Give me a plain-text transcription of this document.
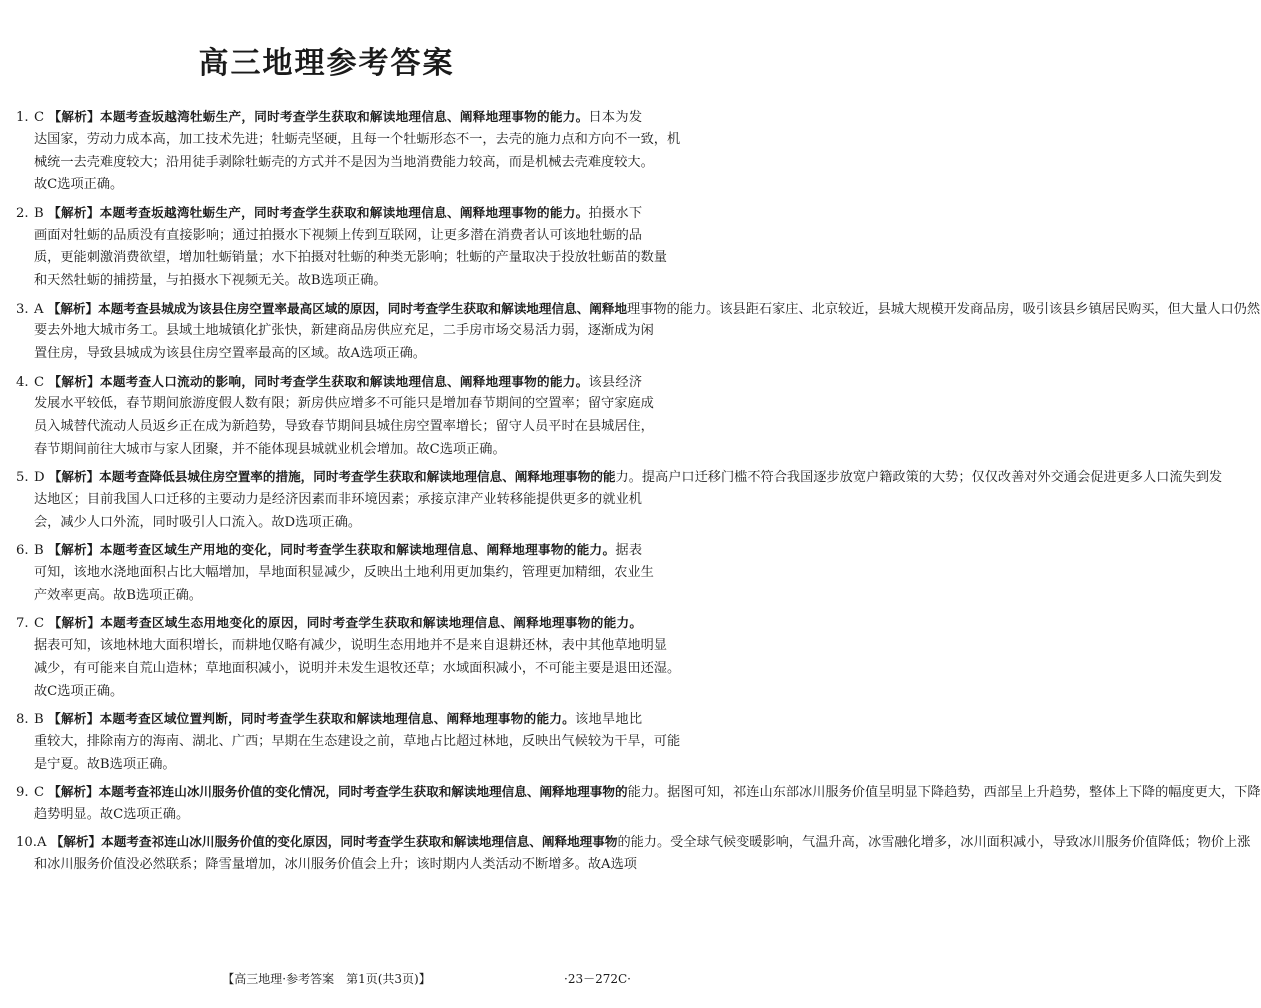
高三地理参考答案
1. C 【解析】本题考查坂越湾牡蛎生产，同时考查学生获取和解读地理信息、阐释地理事物的能力。日本为发
达国家，劳动力成本高，加工技术先进；牡蛎壳坚硬，且每一个牡蛎形态不一，去壳的施力点和方向不一致，机
械统一去壳难度较大；沿用徒手剥除牡蛎壳的方式并不是因为当地消费能力较高，而是机械去壳难度较大。
故C选项正确。
2. B 【解析】本题考查坂越湾牡蛎生产，同时考查学生获取和解读地理信息、阐释地理事物的能力。拍摄水下
画面对牡蛎的品质没有直接影响；通过拍摄水下视频上传到互联网，让更多潜在消费者认可该地牡蛎的品
质，更能刺激消费欲望，增加牡蛎销量；水下拍摄对牡蛎的种类无影响；牡蛎的产量取决于投放牡蛎苗的数量
和天然牡蛎的捕捞量，与拍摄水下视频无关。故B选项正确。
3. A 【解析】本题考查县城成为该县住房空置率最高区域的原因，同时考查学生获取和解读地理信息、阐释地理事物的能力。该县距石家庄、北京较近，县城大规模开发商品房，吸引该县乡镇居民购买，但大量人口仍然
要去外地大城市务工。县域土地城镇化扩张快，新建商品房供应充足，二手房市场交易活力弱，逐渐成为闲
置住房，导致县城成为该县住房空置率最高的区域。故A选项正确。
4. C 【解析】本题考查人口流动的影响，同时考查学生获取和解读地理信息、阐释地理事物的能力。该县经济
发展水平较低，春节期间旅游度假人数有限；新房供应增多不可能只是增加春节期间的空置率；留守家庭成
员入城替代流动人员返乡正在成为新趋势，导致春节期间县城住房空置率增长；留守人员平时在县城居住，
春节期间前往大城市与家人团聚，并不能体现县城就业机会增加。故C选项正确。
5. D 【解析】本题考查降低县城住房空置率的措施，同时考查学生获取和解读地理信息、阐释地理事物的能力。提高户口迁移门槛不符合我国逐步放宽户籍政策的大势；仅仅改善对外交通会促进更多人口流失到发
达地区；目前我国人口迁移的主要动力是经济因素而非环境因素；承接京津产业转移能提供更多的就业机
会，减少人口外流，同时吸引人口流入。故D选项正确。
6. B 【解析】本题考查区域生产用地的变化，同时考查学生获取和解读地理信息、阐释地理事物的能力。据表
可知，该地水浇地面积占比大幅增加，旱地面积显减少，反映出土地利用更加集约，管理更加精细，农业生
产效率更高。故B选项正确。
7. C 【解析】本题考查区域生态用地变化的原因，同时考查学生获取和解读地理信息、阐释地理事物的能力。
据表可知，该地林地大面积增长，而耕地仅略有减少，说明生态用地并不是来自退耕还林，表中其他草地明显
减少，有可能来自荒山造林；草地面积减小，说明并未发生退牧还草；水域面积减小，不可能主要是退田还湿。
故C选项正确。
8. B 【解析】本题考查区域位置判断，同时考查学生获取和解读地理信息、阐释地理事物的能力。该地旱地比
重较大，排除南方的海南、湖北、广西；早期在生态建设之前，草地占比超过林地，反映出气候较为干旱，可能
是宁夏。故B选项正确。
9. C 【解析】本题考查祁连山冰川服务价值的变化情况，同时考查学生获取和解读地理信息、阐释地理事物的能力。据图可知，祁连山东部冰川服务价值呈明显下降趋势，西部呈上升趋势，整体上下降的幅度更大，下降
趋势明显。故C选项正确。
10.A 【解析】本题考查祁连山冰川服务价值的变化原因，同时考查学生获取和解读地理信息、阐释地理事物的能力。受全球气候变暖影响，气温升高，冰雪融化增多，冰川面积减小，导致冰川服务价值降低；物价上涨
和冰川服务价值没必然联系；降雪量增加，冰川服务价值会上升；该时期内人类活动不断增多。故A选项
【高三地理·参考答案　第1页(共3页)】	·23－272C·
